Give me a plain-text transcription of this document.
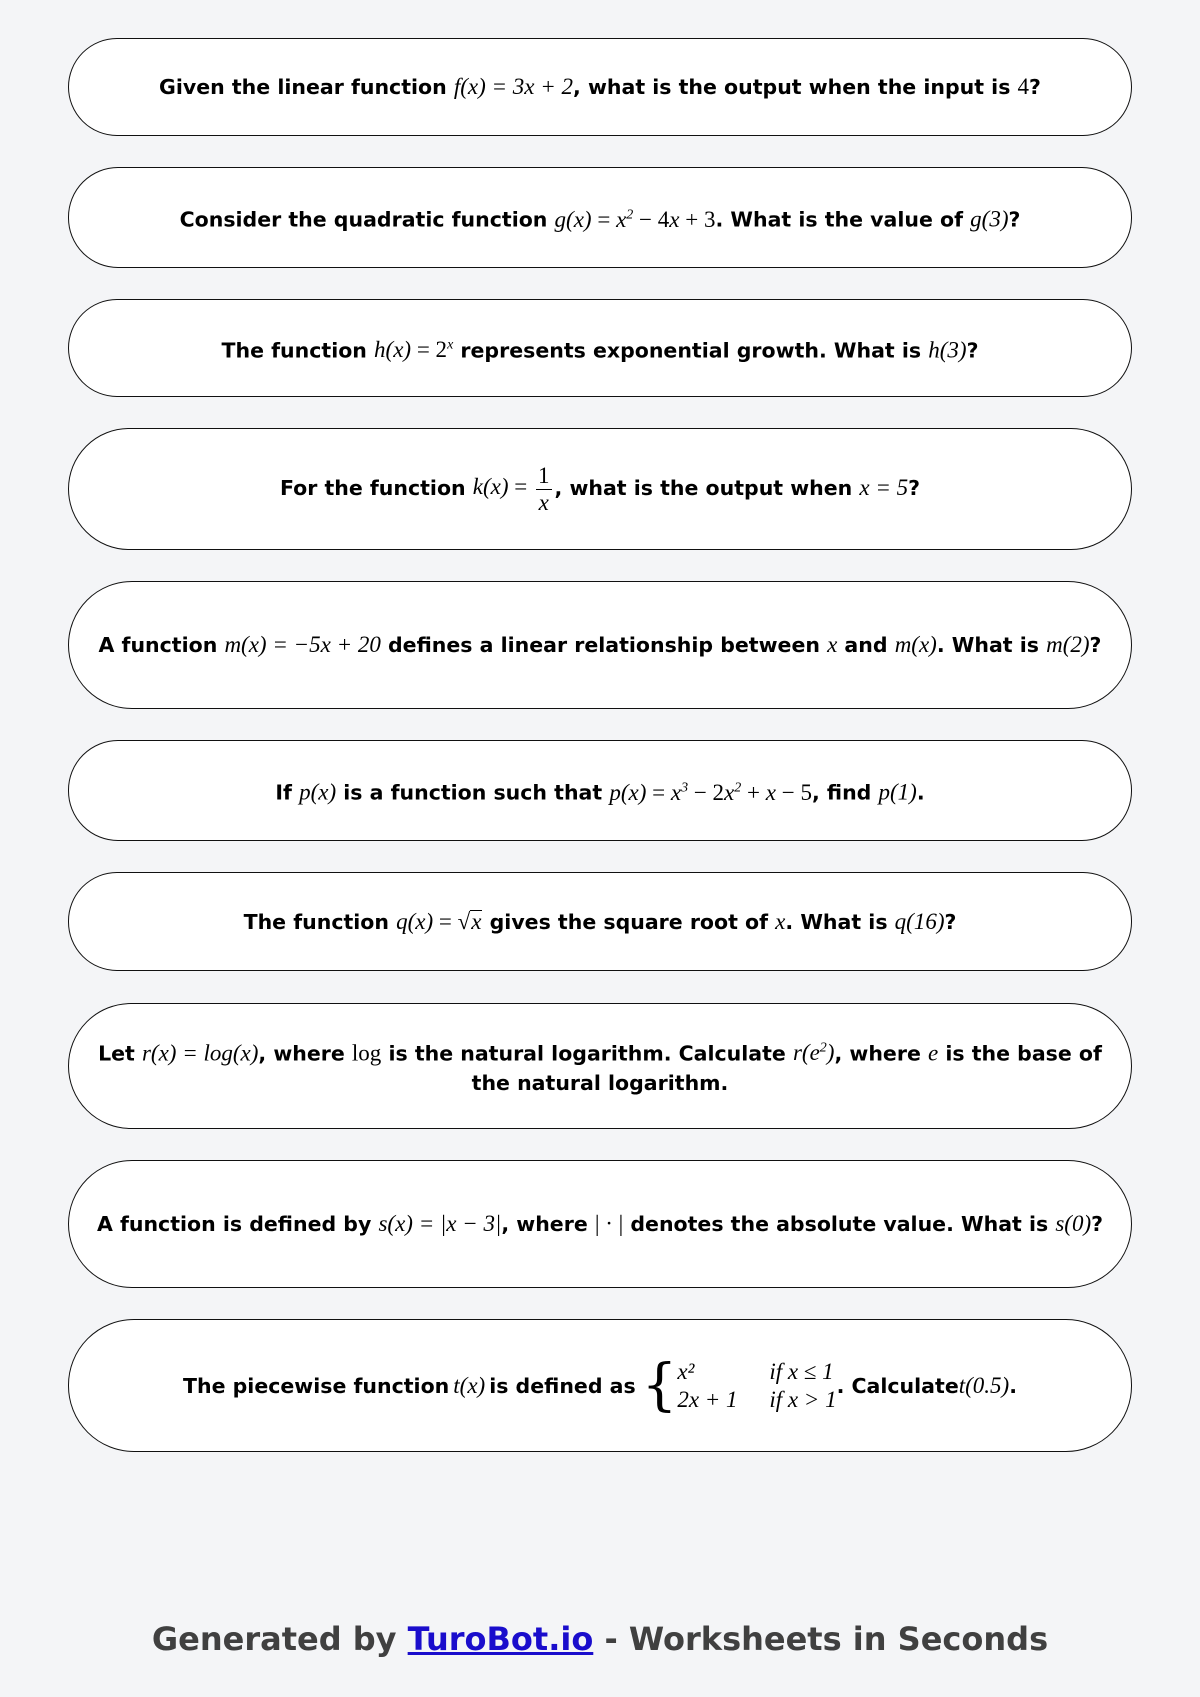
Given the linear function f(x) = 3x + 2, what is the output when the input is 4?
Consider the quadratic function $g(x) = x^2 - 4x + 3$. What is the value of g(3)?
The function $h(x) = 2^x$ represents exponential growth. What is h(3)?
For the function $k(x) = \frac{1}{x}$ , what is the output when x = 5?
A function m(x) = −5x + 20 defines a linear relationship between x and m(x). What is m(2)?
If p(x) is a function such that $p(x) = x^3 - 2x^2 + x - 5$, find p(1).
The function q(x) = √x gives the square root of x. What is q(16)?
Let r(x) = log(x), where log is the natural logarithm. Calculate $r(e^2)$, where e is the base of the natural logarithm.
A function is defined by s(x) = |x − 3|, where | · | denotes the absolute value. What is s(0)?
The piecewise function t(x) is defined as { x²	if x ≤ 1
2x + 1	if x > 1
. Calculate t(0.5) .
Generated by TuroBot.io - Worksheets in Seconds
